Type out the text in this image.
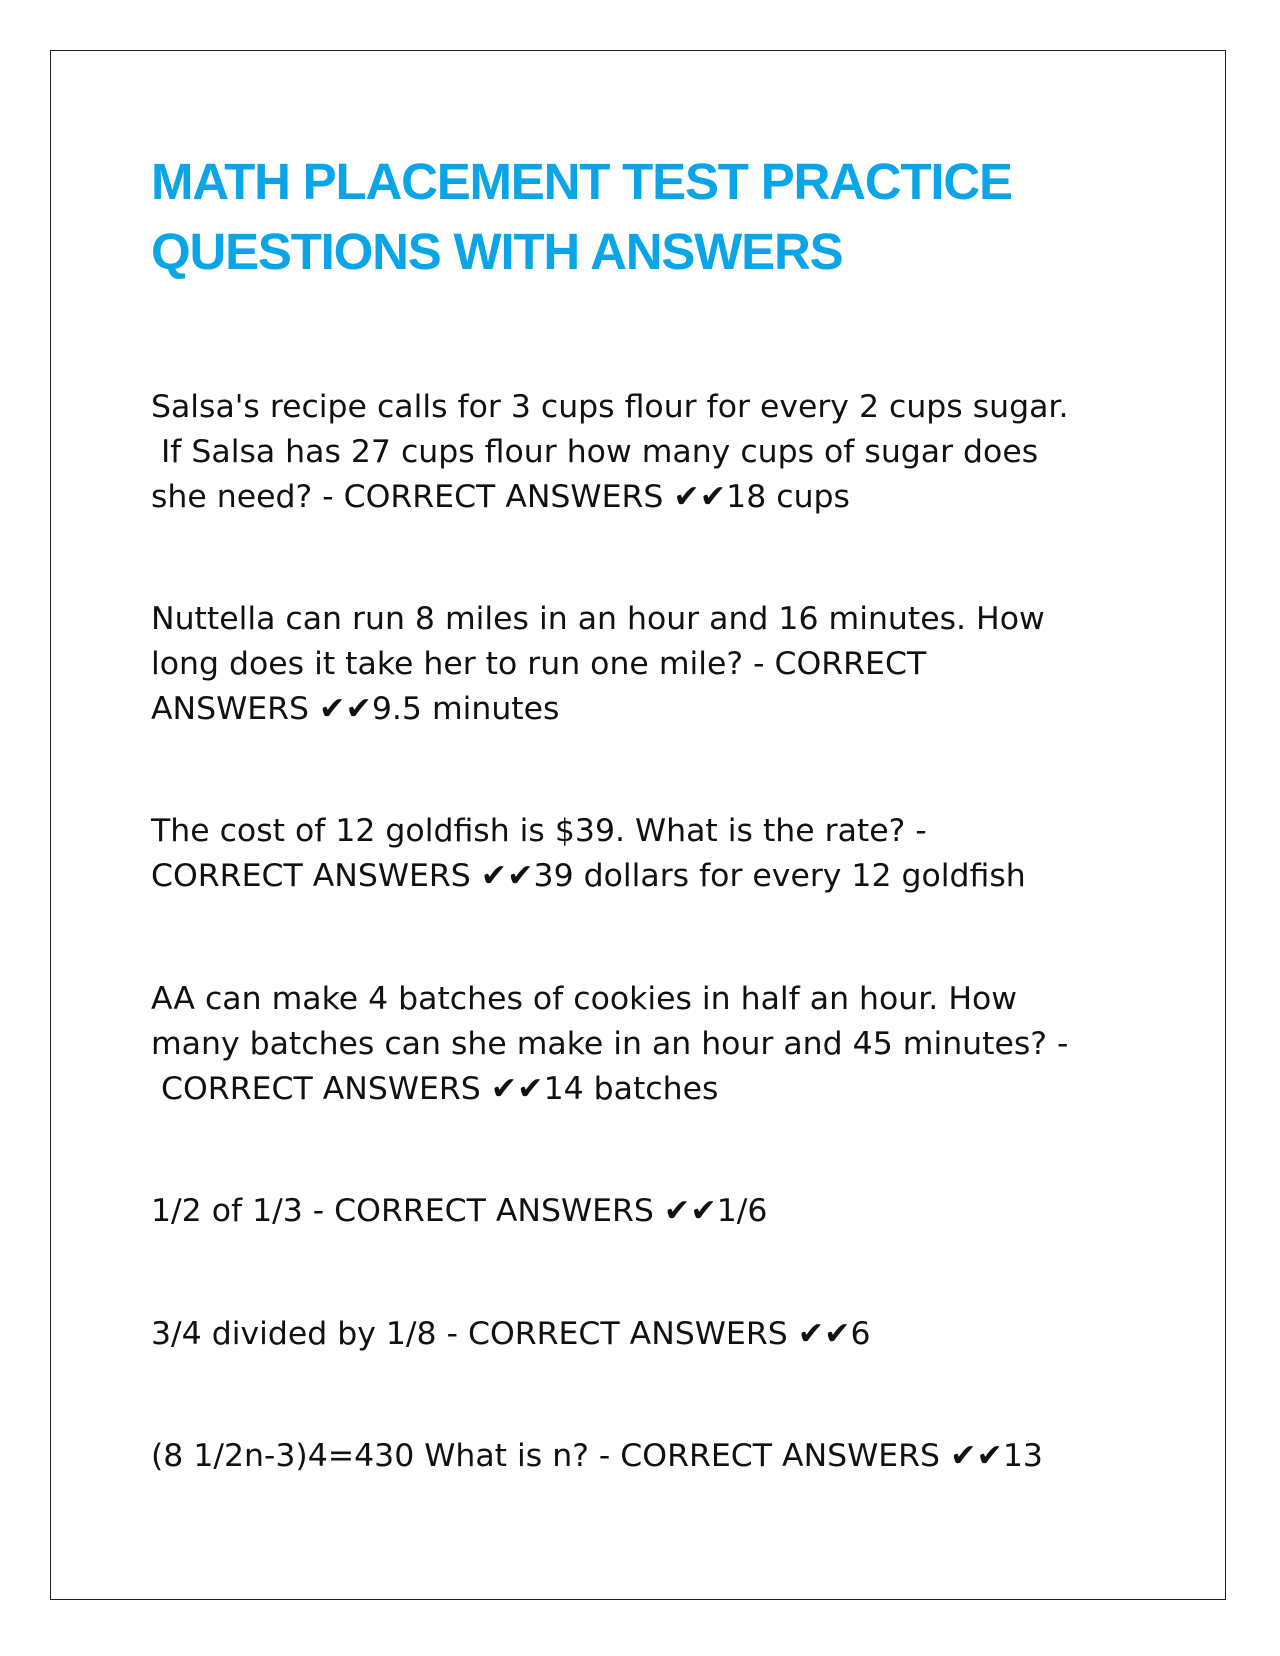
MATH PLACEMENT TEST PRACTICE
QUESTIONS WITH ANSWERS
Salsa's recipe calls for 3 cups flour for every 2 cups sugar.
If Salsa has 27 cups flour how many cups of sugar does
she need? - CORRECT ANSWERS ✔✔18 cups
Nuttella can run 8 miles in an hour and 16 minutes. How
long does it take her to run one mile? - CORRECT
ANSWERS ✔✔9.5 minutes
The cost of 12 goldfish is $39. What is the rate? -
CORRECT ANSWERS ✔✔39 dollars for every 12 goldfish
AA can make 4 batches of cookies in half an hour. How
many batches can she make in an hour and 45 minutes? -
CORRECT ANSWERS ✔✔14 batches
1/2 of 1/3 - CORRECT ANSWERS ✔✔1/6
3/4 divided by 1/8 - CORRECT ANSWERS ✔✔6
(8 1/2n-3)4=430 What is n? - CORRECT ANSWERS ✔✔13
